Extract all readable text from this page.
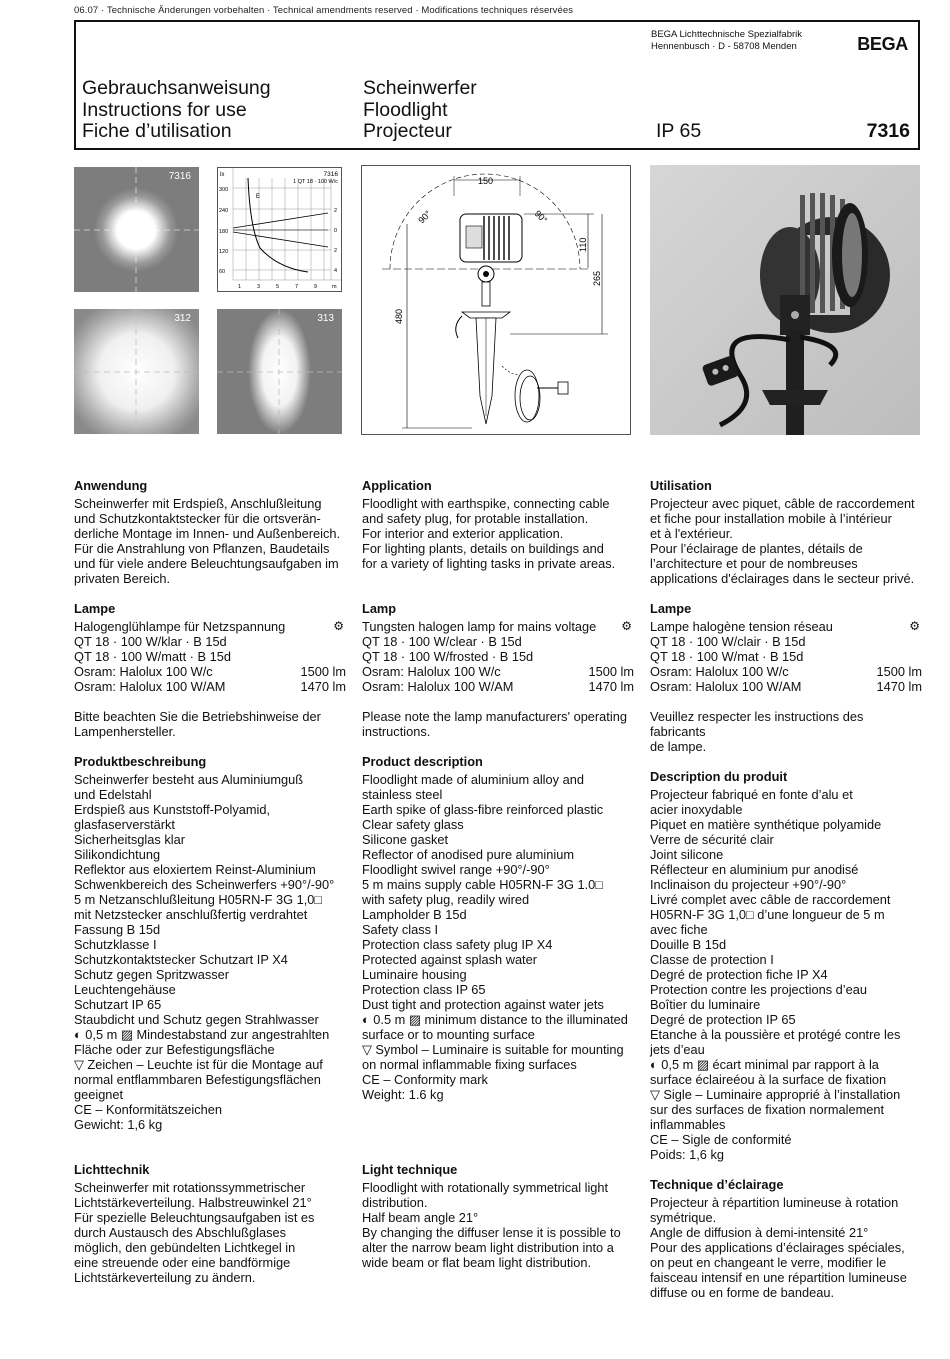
06.07 · Technische Änderungen vorbehalten · Technical amendments reserved · Modifications techniques réservées
BEGA Lichttechnische Spezialfabrik
Hennenbusch · D - 58708 Menden	BEGA
Gebrauchsanweisung
Instructions for use
Fiche d’utilisation
Scheinwerfer
Floodlight
Projecteur	IP 65	7316
7316
312	313
lx	7316
1 QT 18 · 100 W/c
E
300
240
180
120
60
2
0
2
4
1	3	5	7	9	m
90°	90°
150
480
110
265
Anwendung

Scheinwerfer mit Erdspieß, Anschlußleitung
und Schutzkontaktstecker für die ortsverän-
derliche Montage im Innen- und Außenbereich.
Für die Anstrahlung von Pflanzen, Baudetails
und für viele andere Beleuchtungsaufgaben im
privaten Bereich.

Lampe
⚙
Halogenglühlampe für Netzspannung
QT 18 · 100 W/klar · B 15d
QT 18 · 100 W/matt · B 15d
Osram: Halolux 100 W/c	1500 lm
Osram: Halolux 100 W/AM	1470 lm

Bitte beachten Sie die Betriebshinweise der
Lampenhersteller.

Produktbeschreibung

Scheinwerfer besteht aus Aluminiumguß
und Edelstahl
Erdspieß aus Kunststoff-Polyamid,
glasfaserverstärkt
Sicherheitsglas klar
Silikondichtung
Reflektor aus eloxiertem Reinst-Aluminium
Schwenkbereich des Scheinwerfers +90°/-90°
5 m Netzanschlußleitung H05RN-F 3G 1,0□
mit Netzstecker anschlußfertig verdrahtet
Fassung B 15d
Schutzklasse I
Schutzkontaktstecker Schutzart IP X4
Schutz gegen Spritzwasser
Leuchtengehäuse
Schutzart IP 65
Staubdicht und Schutz gegen Strahlwasser
◐ 0,5 m ▨ Mindestabstand zur angestrahlten
Fläche oder zur Befestigungsfläche
▽ Zeichen – Leuchte ist für die Montage auf
normal entflammbaren Befestigungsflächen
geeignet
CE – Konformitätszeichen
Gewicht: 1,6 kg

Lichttechnik

Scheinwerfer mit rotationssymmetrischer
Lichtstärkeverteilung. Halbstreuwinkel 21°
Für spezielle Beleuchtungsaufgaben ist es
durch Austausch des Abschlußglases
möglich, den gebündelten Lichtkegel in
eine streuende oder eine bandförmige
Lichtstärkeverteilung zu ändern.

Application

Floodlight with earthspike, connecting cable
and safety plug, for protable installation.
For interior and exterior application.
For lighting plants, details on buildings and
for a variety of lighting tasks in private areas.

Lamp
⚙
Tungsten halogen lamp for mains voltage
QT 18 · 100 W/clear · B 15d
QT 18 · 100 W/frosted · B 15d
Osram: Halolux 100 W/c	1500 lm
Osram: Halolux 100 W/AM	1470 lm

Please note the lamp manufacturers' operating
instructions.

Product description

Floodlight made of aluminium alloy and
stainless steel
Earth spike of glass-fibre reinforced plastic
Clear safety glass
Silicone gasket
Reflector of anodised pure aluminium
Floodlight swivel range +90°/-90°
5 m mains supply cable H05RN-F 3G 1.0□
with safety plug, readily wired
Lampholder B 15d
Safety class I
Protection class safety plug IP X4
Protected against splash water
Luminaire housing
Protection class IP 65
Dust tight and protection against water jets
◐ 0.5 m ▨ minimum distance to the illuminated
surface or to mounting surface
▽ Symbol – Luminaire is suitable for mounting
on normal inflammable fixing surfaces
CE – Conformity mark
Weight: 1.6 kg

Light technique

Floodlight with rotationally symmetrical light
distribution.
Half beam angle 21°
By changing the diffuser lense it is possible to
alter the narrow beam light distribution into a
wide beam or flat beam light distribution.

Utilisation

Projecteur avec piquet, câble de raccordement
et fiche pour installation mobile à l’intérieur
et à l'extérieur.
Pour l’éclairage de plantes, détails de
l’architecture et pour de nombreuses
applications d'éclairages dans le secteur privé.

Lampe
⚙
Lampe halogène tension réseau
QT 18 · 100 W/clair · B 15d
QT 18 · 100 W/mat · B 15d
Osram: Halolux 100 W/c	1500 lm
Osram: Halolux 100 W/AM	1470 lm

Veuillez respecter les instructions des fabricants
de lampe.

Description du produit

Projecteur fabriqué en fonte d’alu et
acier inoxydable
Piquet en matière synthétique polyamide
Verre de sécurité clair
Joint silicone
Réflecteur en aluminium pur anodisé
Inclinaison du projecteur +90°/-90°
Livré complet avec câble de raccordement
H05RN-F 3G 1,0□ d’une longueur de 5 m
avec fiche
Douille B 15d
Classe de protection I
Degré de protection fiche IP X4
Protection contre les projections d’eau
Boîtier du luminaire
Degré de protection IP 65
Etanche à la poussière et protégé contre les
jets d’eau
◐ 0,5 m ▨ écart minimal par rapport à la
surface éclaireéou à la surface de fixation
▽ Sigle – Luminaire approprié à l’installation
sur des surfaces de fixation normalement
inflammables
CE – Sigle de conformité
Poids: 1,6 kg

Technique d’éclairage

Projecteur à répartition lumineuse à rotation
symétrique.
Angle de diffusion à demi-intensité 21°
Pour des applications d’éclairages spéciales,
on peut en changeant le verre, modifier le
faisceau intensif en une répartition lumineuse
diffuse ou en forme de bandeau.
